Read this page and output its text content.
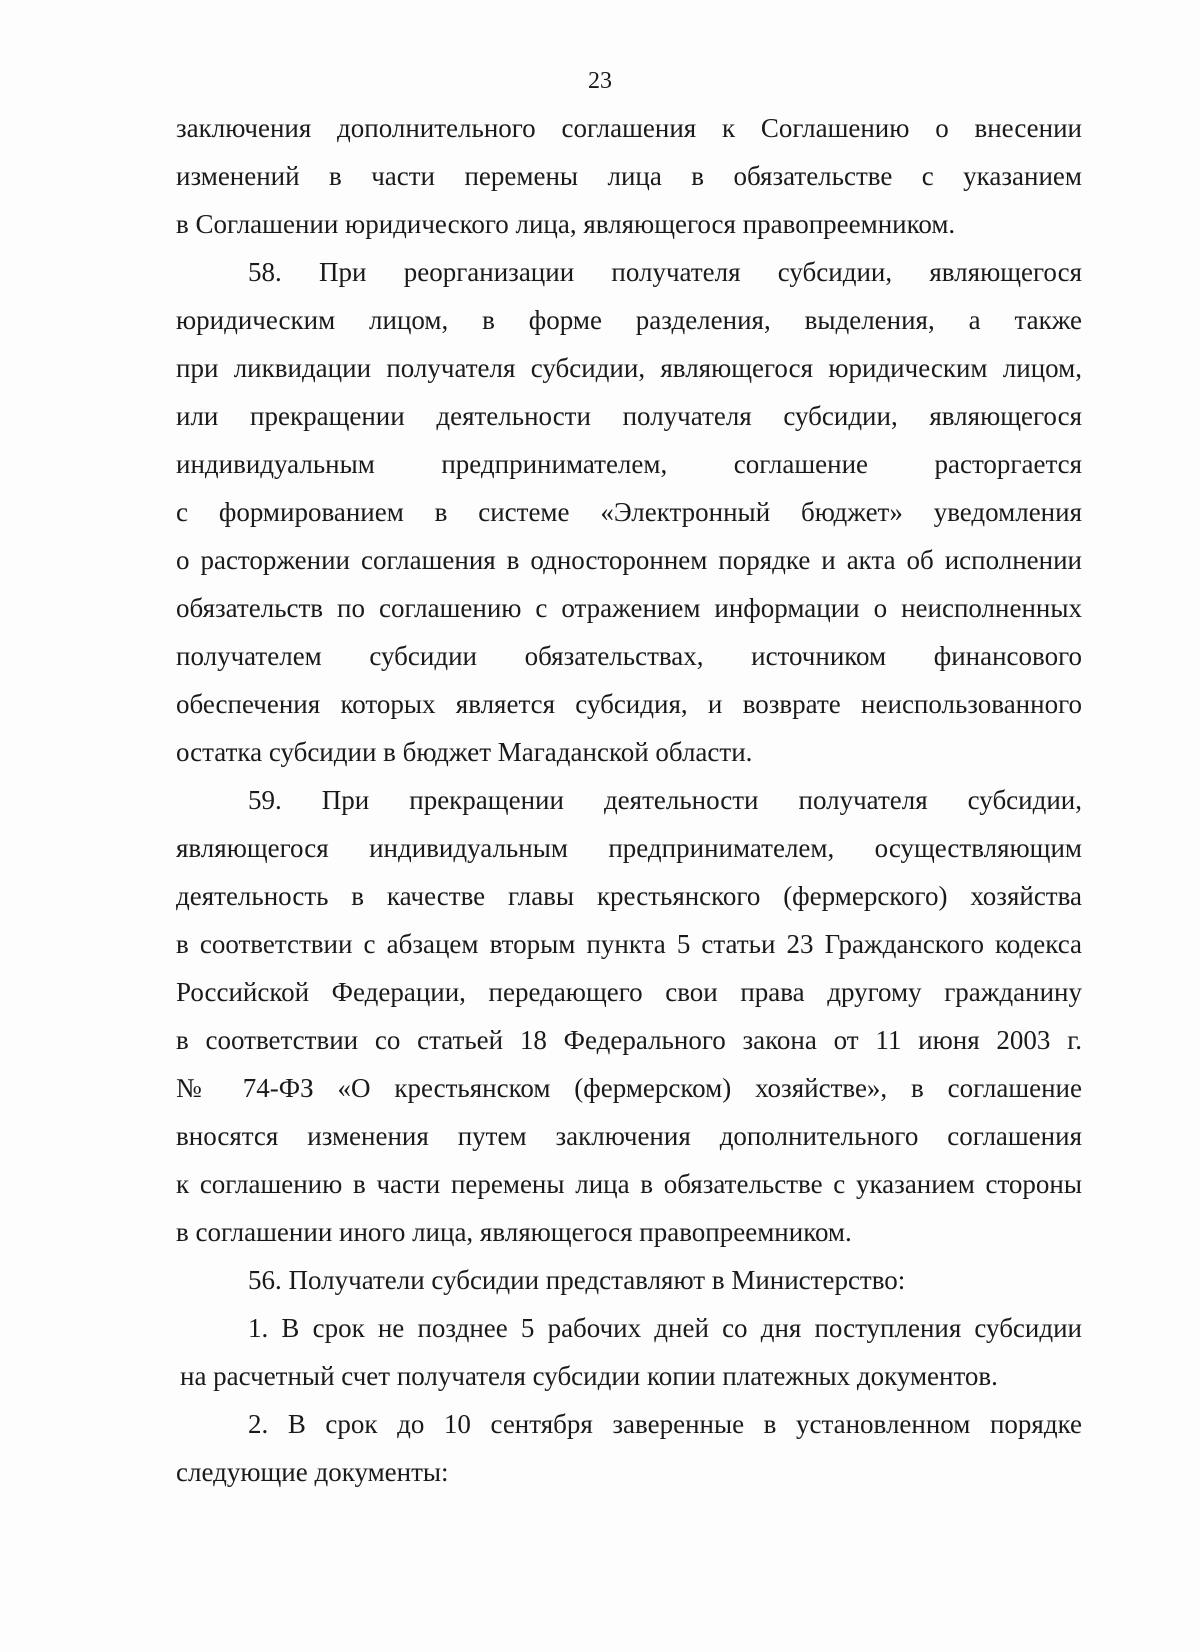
23
заключения дополнительного соглашения к Соглашению о внесении
изменений в части перемены лица в обязательстве с указанием
в Соглашении юридического лица, являющегося правопреемником.
58. При реорганизации получателя субсидии, являющегося
юридическим лицом, в форме разделения, выделения, а также
при ликвидации получателя субсидии, являющегося юридическим лицом,
или прекращении деятельности получателя субсидии, являющегося
индивидуальным предпринимателем, соглашение расторгается
с формированием в системе «Электронный бюджет» уведомления
о расторжении соглашения в одностороннем порядке и акта об исполнении
обязательств по соглашению с отражением информации о неисполненных
получателем субсидии обязательствах, источником финансового
обеспечения которых является субсидия, и возврате неиспользованного
остатка субсидии в бюджет Магаданской области.
59. При прекращении деятельности получателя субсидии,
являющегося индивидуальным предпринимателем, осуществляющим
деятельность в качестве главы крестьянского (фермерского) хозяйства
в соответствии с абзацем вторым пункта 5 статьи 23 Гражданского кодекса
Российской Федерации, передающего свои права другому гражданину
в соответствии со статьей 18 Федерального закона от 11 июня 2003 г.
№ 74-ФЗ «О крестьянском (фермерском) хозяйстве», в соглашение
вносятся изменения путем заключения дополнительного соглашения
к соглашению в части перемены лица в обязательстве с указанием стороны
в соглашении иного лица, являющегося правопреемником.
56. Получатели субсидии представляют в Министерство:
1. В срок не позднее 5 рабочих дней со дня поступления субсидии
на расчетный счет получателя субсидии копии платежных документов.
2. В срок до 10 сентября заверенные в установленном порядке
следующие документы:
